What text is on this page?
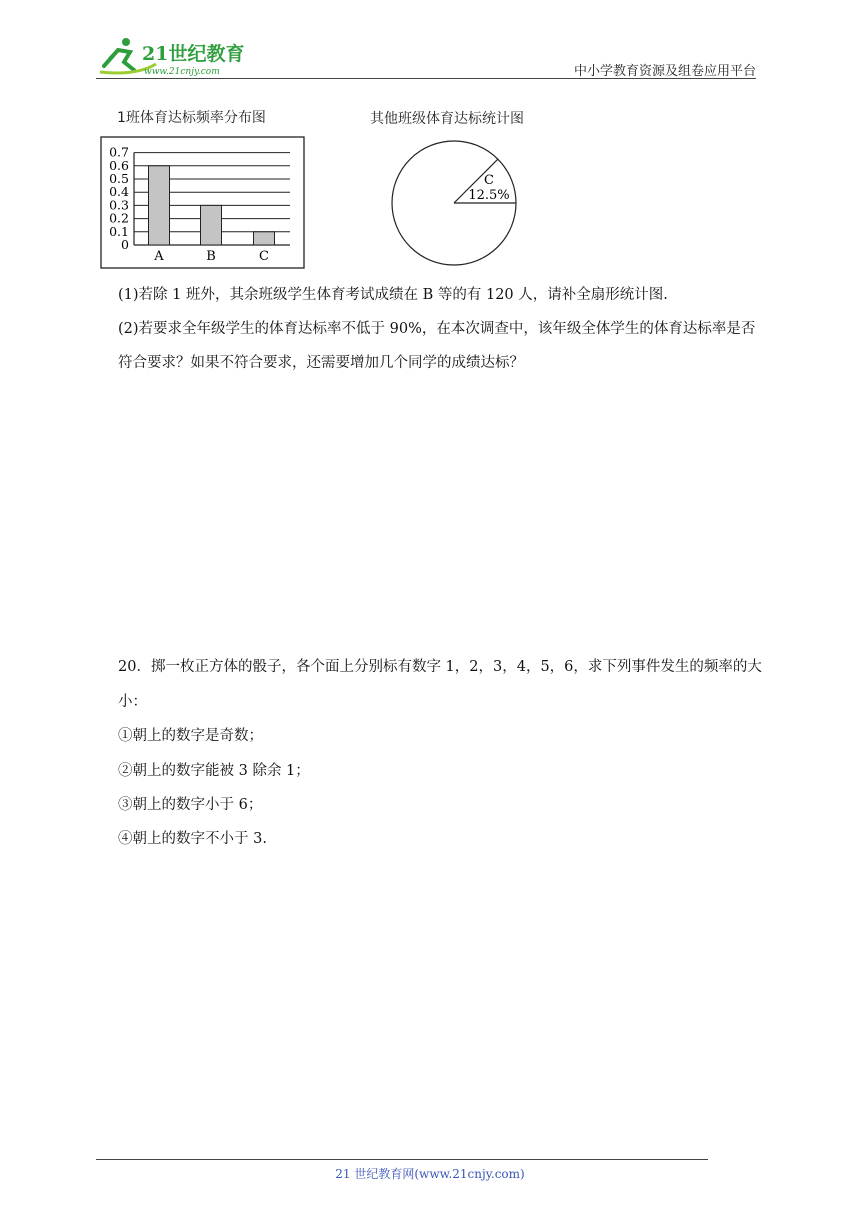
21世纪教育
www.21cnjy.com	中小学教育资源及组卷应用平台
1班体育达标频率分布图	其他班级体育达标统计图
0
0.1
0.2
0.3
0.4
0.5
0.6
0.7
A	B	C
C
12.5%
(1)若除 1 班外，其余班级学生体育考试成绩在 B 等的有 120 人，请补全扇形统计图.
(2)若要求全年级学生的体育达标率不低于 90%，在本次调查中，该年级全体学生的体育达标率是否
符合要求？如果不符合要求，还需要增加几个同学的成绩达标？
20．掷一枚正方体的骰子，各个面上分别标有数字 1，2，3，4，5，6，求下列事件发生的频率的大
小：
①朝上的数字是奇数；
②朝上的数字能被 3 除余 1；
③朝上的数字小于 6；
④朝上的数字不小于 3.
21 世纪教育网(www.21cnjy.com)
